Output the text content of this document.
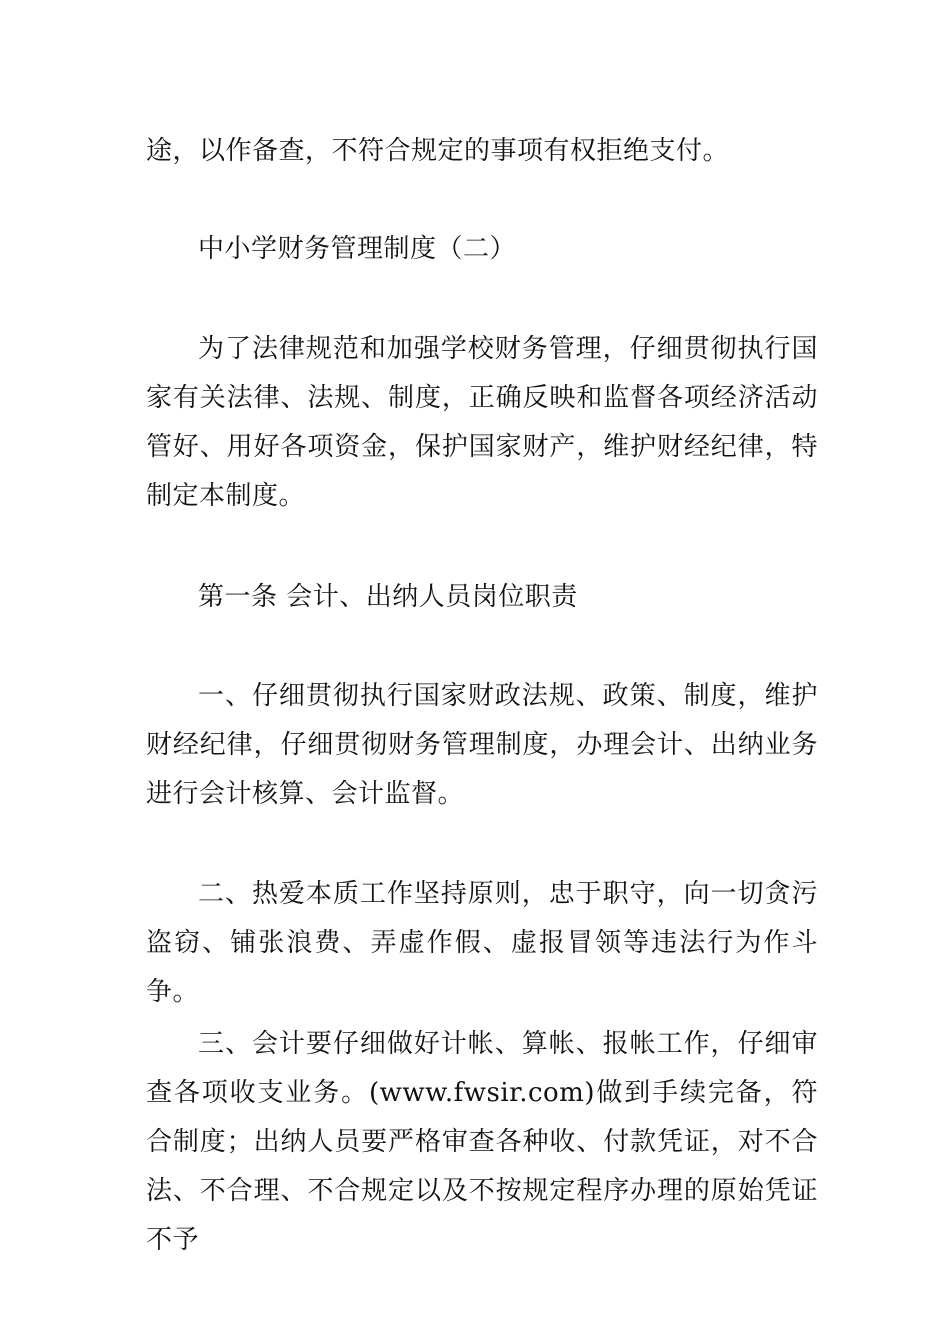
途，以作备查，不符合规定的事项有权拒绝支付。

中小学财务管理制度（二）

为了法律规范和加强学校财务管理，仔细贯彻执行国家有关法律、法规、制度，正确反映和监督各项经济活动管好、用好各项资金，保护国家财产，维护财经纪律，特制定本制度。

第一条 会计、出纳人员岗位职责

一、仔细贯彻执行国家财政法规、政策、制度，维护财经纪律，仔细贯彻财务管理制度，办理会计、出纳业务进行会计核算、会计监督。

二、热爱本质工作坚持原则，忠于职守，向一切贪污盗窃、铺张浪费、弄虚作假、虚报冒领等违法行为作斗争。

三、会计要仔细做好计帐、算帐、报帐工作，仔细审查各项收支业务。(www.fwsir.com)做到手续完备，符合制度；出纳人员要严格审查各种收、付款凭证，对不合法、不合理、不合规定以及不按规定程序办理的原始凭证不予
